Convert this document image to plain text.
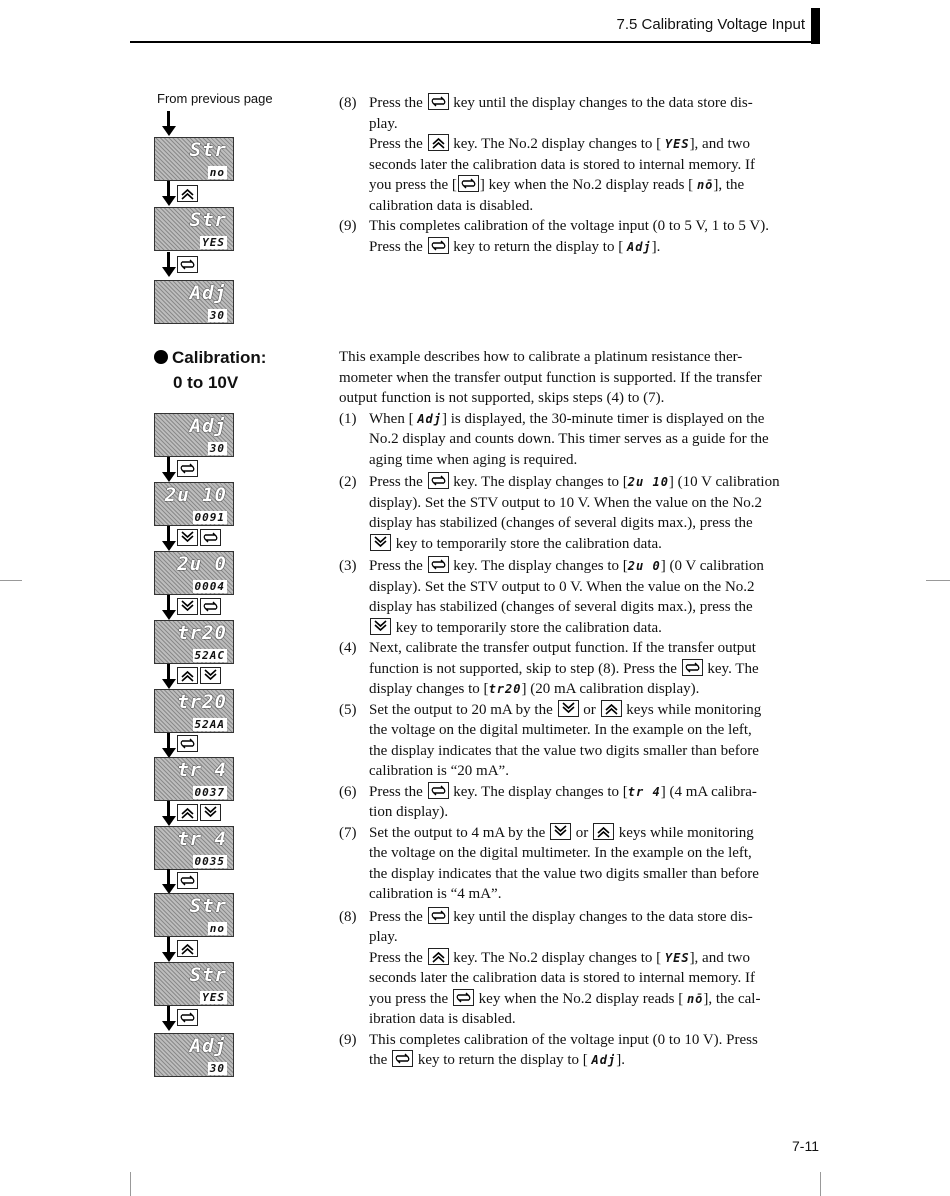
7.5 Calibrating Voltage Input
From previous page
Str
no
Str
YES
Adj
30
Calibration:
0 to 10V
Adj
30
2u 10
0091
2u 0
0004
tr20
52AC
tr20
52AA
tr 4
0037
tr 4
0035
Str
no
Str
YES
Adj
30
(8) Press the key until the display changes to the data store dis-

play.

Press the key. The No.2 display changes to [ YES], and two

seconds later the calibration data is stored to internal memory. If

you press the [ ] key when the No.2 display reads [ nō], the

calibration data is disabled.

(9) This completes calibration of the voltage input (0 to 5 V, 1 to 5 V).

Press the key to return the display to [ Adj].

This example describes how to calibrate a platinum resistance ther-
mometer when the transfer output function is supported. If the transfer
output function is not supported, skips steps (4) to (7).

(1) When [ Adj] is displayed, the 30-minute timer is displayed on the

No.2 display and counts down. This timer serves as a guide for the

aging time when aging is required.

(2) Press the key. The display changes to [2u 10] (10 V calibration

display). Set the STV output to 10 V. When the value on the No.2

display has stabilized (changes of several digits max.), press the

key to temporarily store the calibration data.

(3) Press the key. The display changes to [2u 0] (0 V calibration

display). Set the STV output to 0 V. When the value on the No.2

display has stabilized (changes of several digits max.), press the

key to temporarily store the calibration data.

(4) Next, calibrate the transfer output function. If the transfer output

function is not supported, skip to step (8). Press the key. The

display changes to [tr20] (20 mA calibration display).

(5) Set the output to 20 mA by the or keys while monitoring

the voltage on the digital multimeter. In the example on the left,

the display indicates that the value two digits smaller than before

calibration is “20 mA”.

(6) Press the key. The display changes to [tr 4] (4 mA calibra-

tion display).

(7) Set the output to 4 mA by the or keys while monitoring

the voltage on the digital multimeter. In the example on the left,

the display indicates that the value two digits smaller than before

calibration is “4 mA”.

(8) Press the key until the display changes to the data store dis-

play.

Press the key. The No.2 display changes to [ YES], and two

seconds later the calibration data is stored to internal memory. If

you press the key when the No.2 display reads [ nō], the cal-

ibration data is disabled.

(9) This completes calibration of the voltage input (0 to 10 V). Press

the key to return the display to [ Adj].

7-11
